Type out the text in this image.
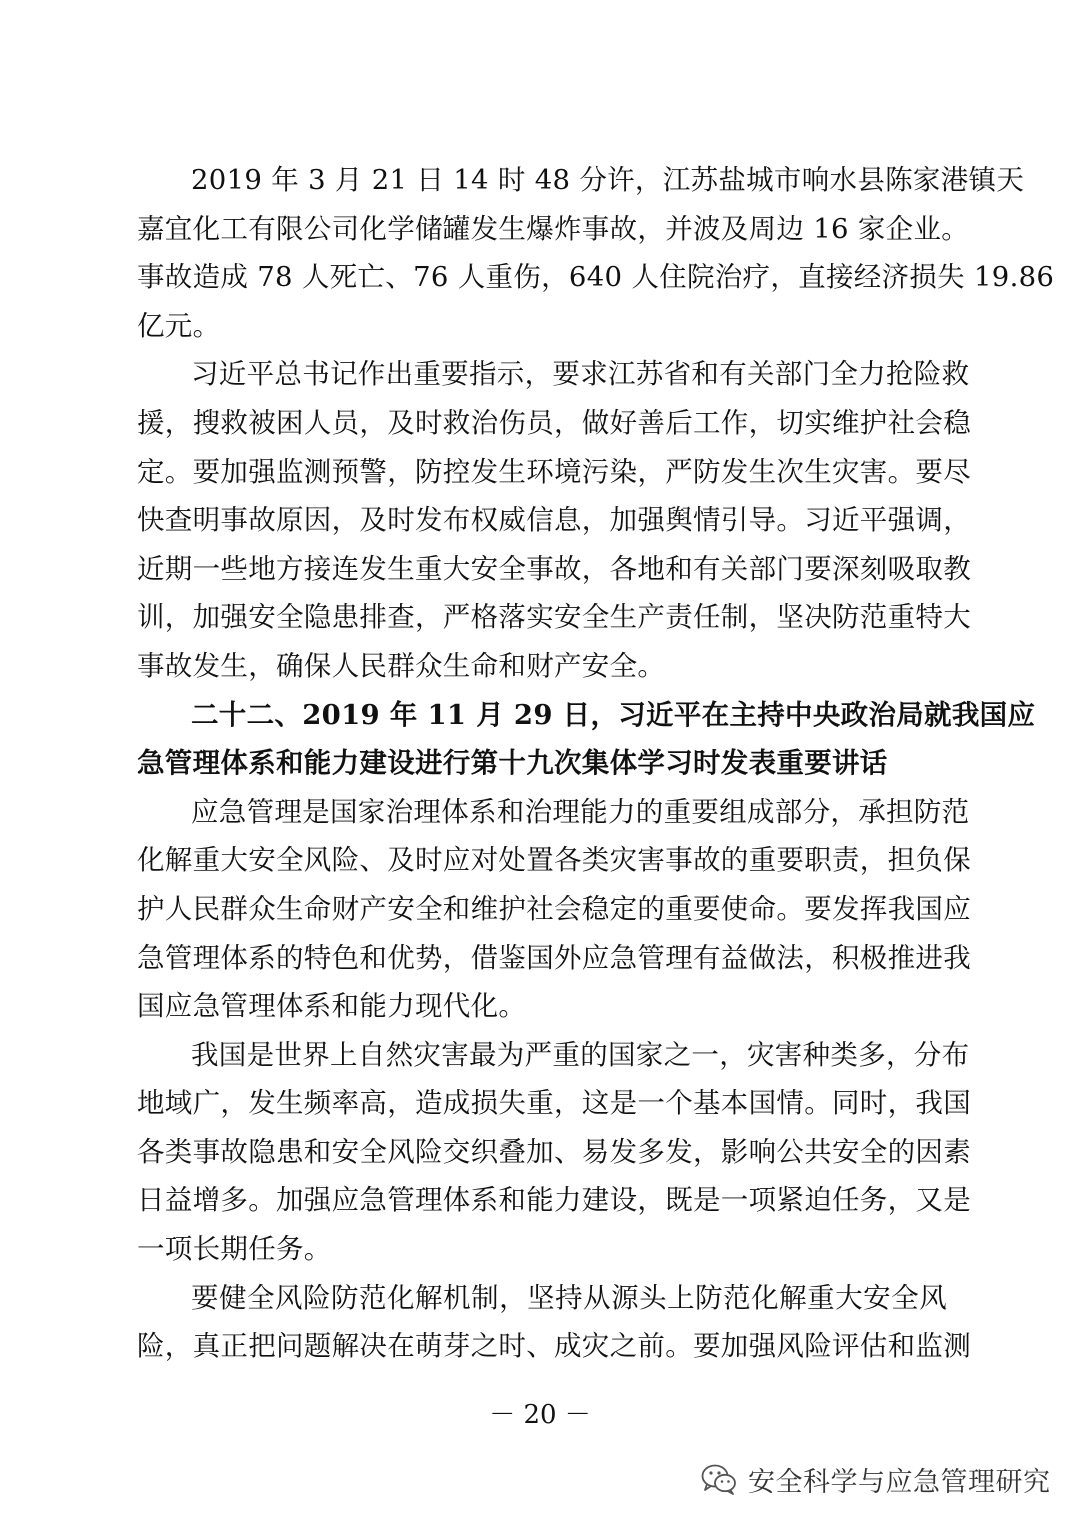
2019 年 3 月 21 日 14 时 48 分许，江苏盐城市响水县陈家港镇天
嘉宜化工有限公司化学储罐发生爆炸事故，并波及周边 16 家企业。
事故造成 78 人死亡、76 人重伤，640 人住院治疗，直接经济损失 19.86
亿元。
习近平总书记作出重要指示，要求江苏省和有关部门全力抢险救
援，搜救被困人员，及时救治伤员，做好善后工作，切实维护社会稳
定。要加强监测预警，防控发生环境污染，严防发生次生灾害。要尽
快查明事故原因，及时发布权威信息，加强舆情引导。习近平强调，
近期一些地方接连发生重大安全事故，各地和有关部门要深刻吸取教
训，加强安全隐患排查，严格落实安全生产责任制，坚决防范重特大
事故发生，确保人民群众生命和财产安全。
二十二、2019 年 11 月 29 日，习近平在主持中央政治局就我国应
急管理体系和能力建设进行第十九次集体学习时发表重要讲话
应急管理是国家治理体系和治理能力的重要组成部分，承担防范
化解重大安全风险、及时应对处置各类灾害事故的重要职责，担负保
护人民群众生命财产安全和维护社会稳定的重要使命。要发挥我国应
急管理体系的特色和优势，借鉴国外应急管理有益做法，积极推进我
国应急管理体系和能力现代化。
我国是世界上自然灾害最为严重的国家之一，灾害种类多，分布
地域广，发生频率高，造成损失重，这是一个基本国情。同时，我国
各类事故隐患和安全风险交织叠加、易发多发，影响公共安全的因素
日益增多。加强应急管理体系和能力建设，既是一项紧迫任务，又是
一项长期任务。
要健全风险防范化解机制，坚持从源头上防范化解重大安全风
险，真正把问题解决在萌芽之时、成灾之前。要加强风险评估和监测
－ 20 －
安全科学与应急管理研究
